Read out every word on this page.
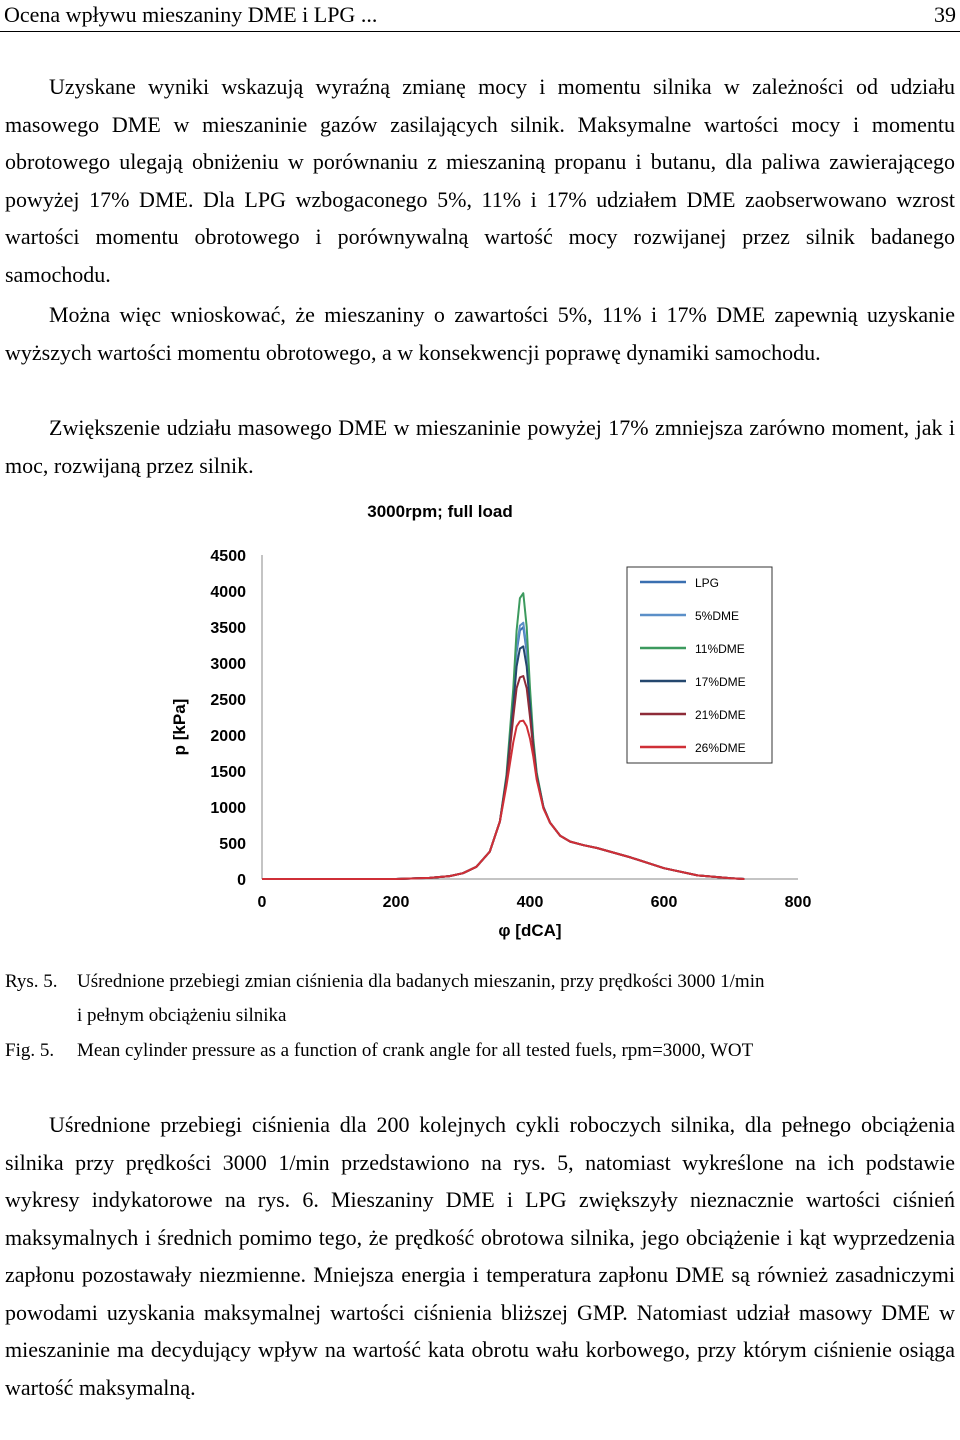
Ocena wpływu mieszaniny DME i LPG ...	39

Uzyskane wyniki wskazują wyraźną zmianę mocy i momentu silnika w zależności od udziału masowego DME w mieszaninie gazów zasilających silnik. Maksymalne wartości mocy i momentu obrotowego ulegają obniżeniu w porównaniu z mieszaniną propanu i butanu, dla paliwa zawierającego powyżej 17% DME. Dla LPG wzbogaconego 5%, 11% i 17% udziałem DME zaobserwowano wzrost wartości momentu obrotowego i porównywalną wartość mocy rozwijanej przez silnik badanego samochodu.

Można więc wnioskować, że mieszaniny o zawartości 5%, 11% i 17% DME zapewnią uzyskanie wyższych wartości momentu obrotowego, a w konsekwencji poprawę dynamiki samochodu.

Zwiększenie udziału masowego DME w mieszaninie powyżej 17% zmniejsza zarówno moment, jak i moc, rozwijaną przez silnik.

3000rpm; full load
p [kPa]
φ [dCA]
0
500
1000
1500
2000
2500
3000
3500
4000
4500
0	200	400	600	800
LPG
5%DME
11%DME
17%DME
21%DME
26%DME
Rys. 5. Uśrednione przebiegi zmian ciśnienia dla badanych mieszanin, przy prędkości 3000 1/min
i pełnym obciążeniu silnika
Fig. 5. Mean cylinder pressure as a function of crank angle for all tested fuels, rpm=3000, WOT

Uśrednione przebiegi ciśnienia dla 200 kolejnych cykli roboczych silnika, dla pełnego obciążenia silnika przy prędkości 3000 1/min przedstawiono na rys. 5, natomiast wykreślone na ich podstawie wykresy indykatorowe na rys. 6. Mieszaniny DME i LPG zwiększyły nieznacznie wartości ciśnień maksymalnych i średnich pomimo tego, że prędkość obrotowa silnika, jego obciążenie i kąt wyprzedzenia zapłonu pozostawały niezmienne. Mniejsza energia i temperatura zapłonu DME są również zasadniczymi powodami uzyskania maksymalnej wartości ciśnienia bliższej GMP. Natomiast udział masowy DME w mieszaninie ma decydujący wpływ na wartość kata obrotu wału korbowego, przy którym ciśnienie osiąga wartość maksymalną.
